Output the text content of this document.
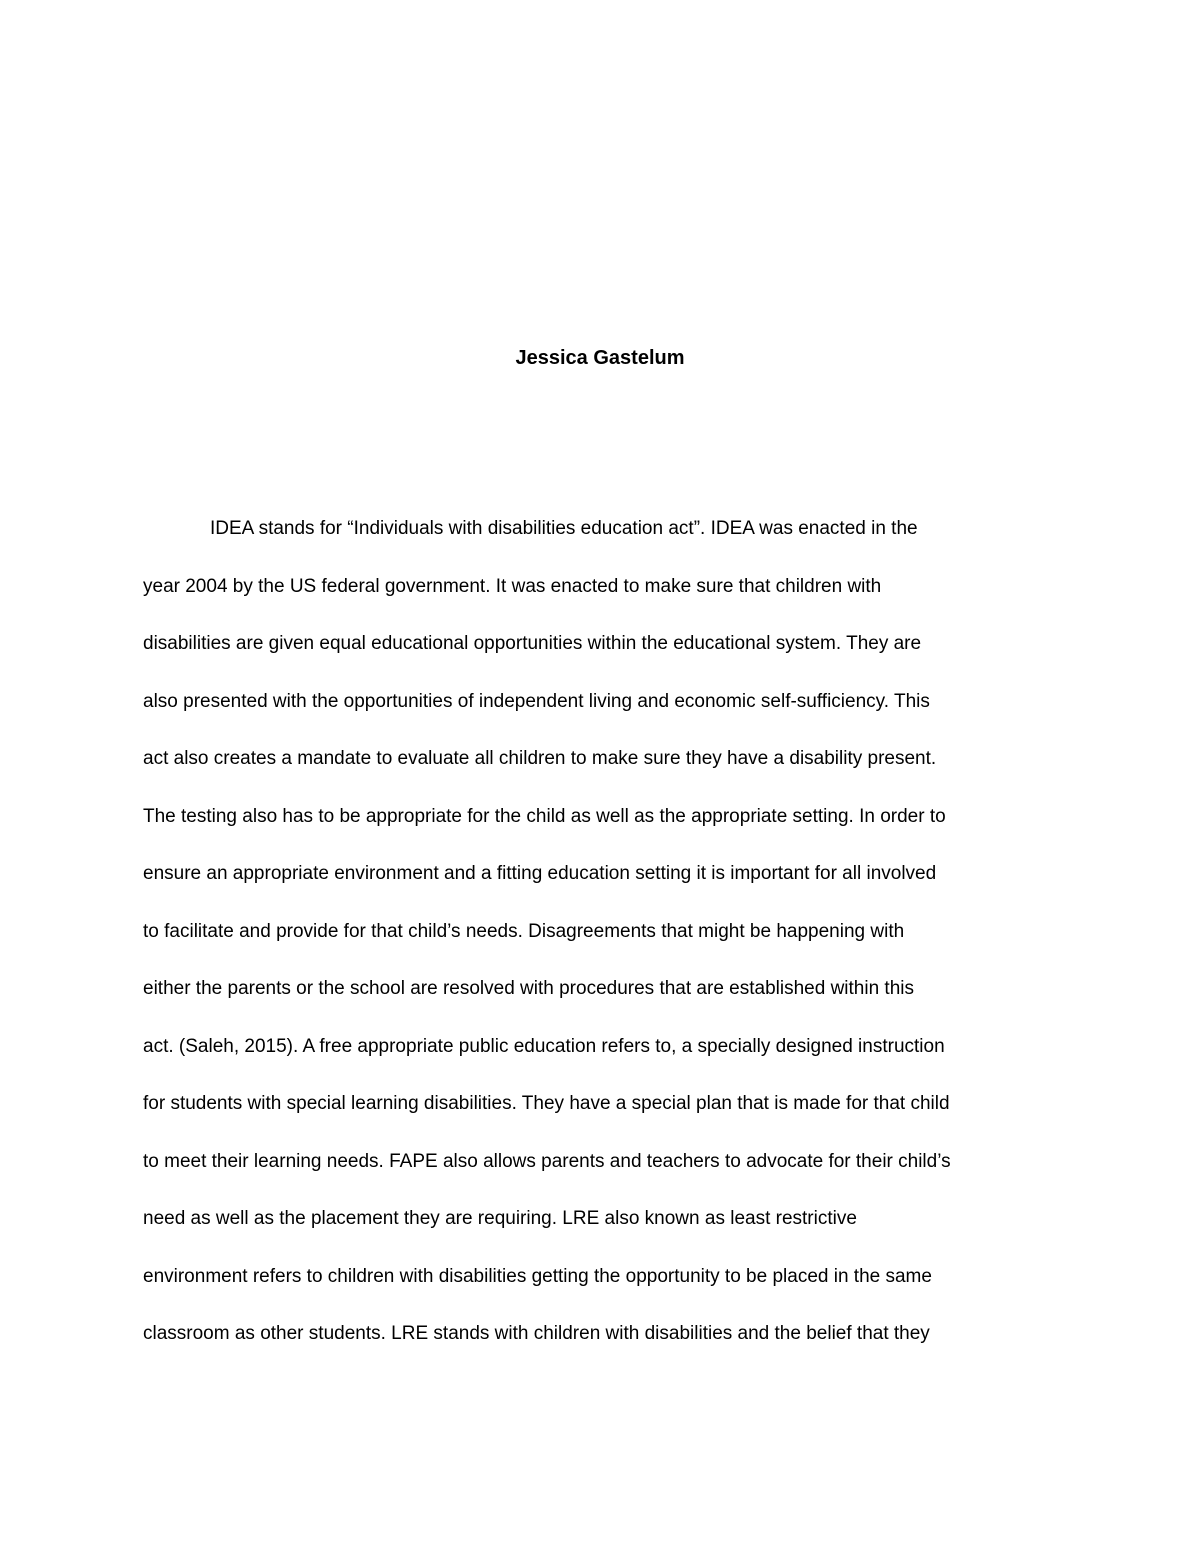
Jessica Gastelum
IDEA stands for “Individuals with disabilities education act”. IDEA was enacted in the
year 2004 by the US federal government. It was enacted to make sure that children with
disabilities are given equal educational opportunities within the educational system. They are
also presented with the opportunities of independent living and economic self-sufficiency. This
act also creates a mandate to evaluate all children to make sure they have a disability present.
The testing also has to be appropriate for the child as well as the appropriate setting. In order to
ensure an appropriate environment and a fitting education setting it is important for all involved
to facilitate and provide for that child’s needs. Disagreements that might be happening with
either the parents or the school are resolved with procedures that are established within this
act. (Saleh, 2015). A free appropriate public education refers to, a specially designed instruction
for students with special learning disabilities. They have a special plan that is made for that child
to meet their learning needs. FAPE also allows parents and teachers to advocate for their child’s
need as well as the placement they are requiring. LRE also known as least restrictive
environment refers to children with disabilities getting the opportunity to be placed in the same
classroom as other students. LRE stands with children with disabilities and the belief that they
